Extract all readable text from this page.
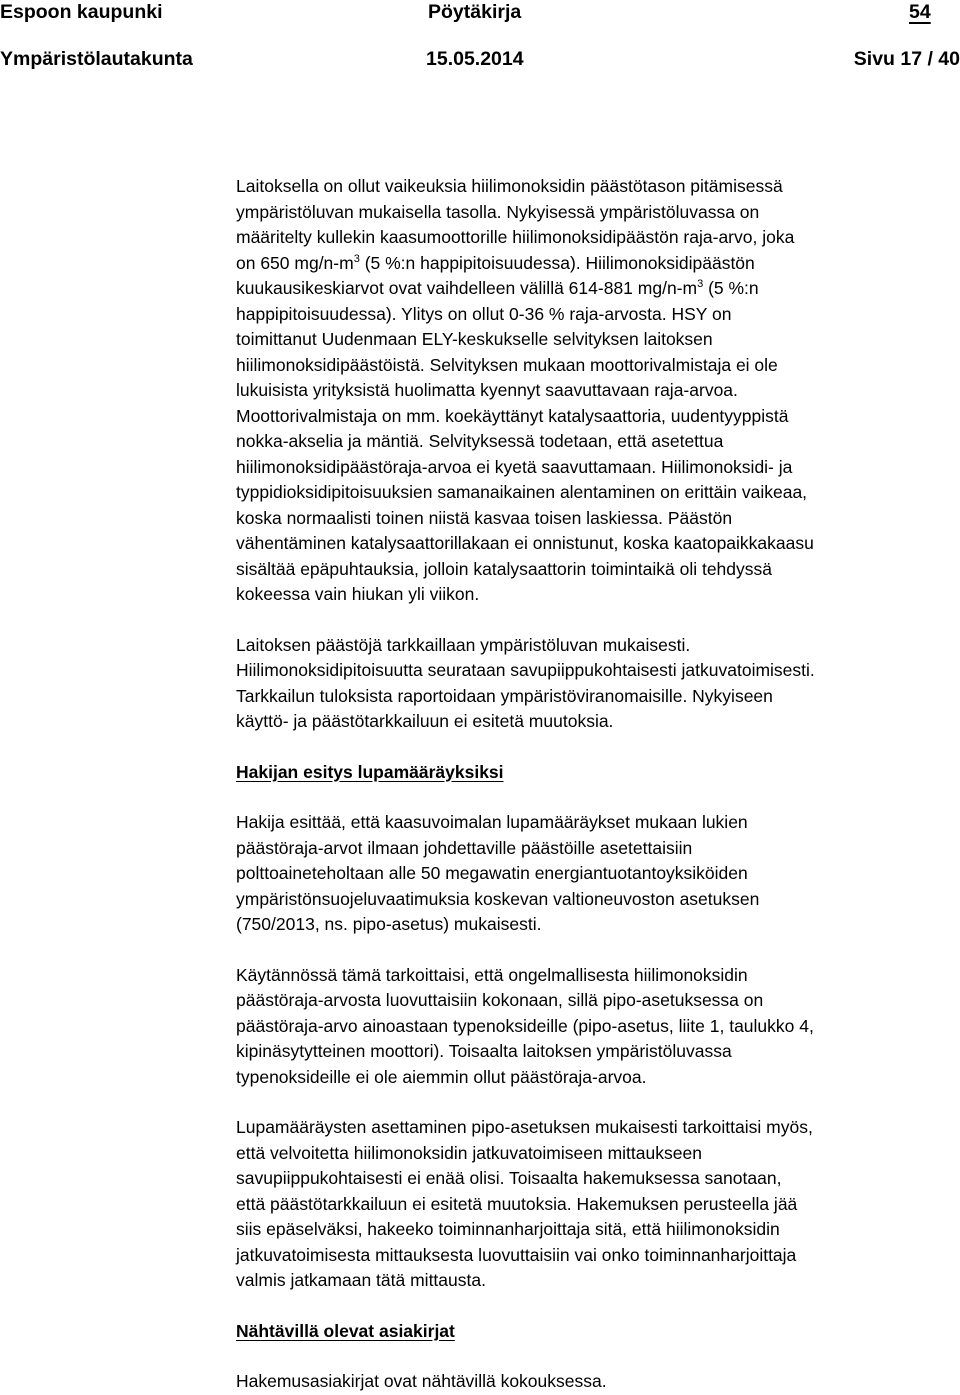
Espoon kaupunki	Pöytäkirja	54
Ympäristölautakunta	15.05.2014	Sivu 17 / 40
Laitoksella on ollut vaikeuksia hiilimonoksidin päästötason pitämisessä
ympäristöluvan mukaisella tasolla. Nykyisessä ympäristöluvassa on
määritelty kullekin kaasumoottorille hiilimonoksidipäästön raja-arvo, joka
on 650 $mg/n-m^3$ (5 %:n happipitoisuudessa). Hiilimonoksidipäästön
kuukausikeskiarvot ovat vaihdelleen välillä 614-881 $mg/n-m^3$ (5 %:n
happipitoisuudessa). Ylitys on ollut 0-36 % raja-arvosta. HSY on
toimittanut Uudenmaan ELY-keskukselle selvityksen laitoksen
hiilimonoksidipäästöistä. Selvityksen mukaan moottorivalmistaja ei ole
lukuisista yrityksistä huolimatta kyennyt saavuttavaan raja-arvoa.
Moottorivalmistaja on mm. koekäyttänyt katalysaattoria, uudentyyppistä
nokka-akselia ja mäntiä. Selvityksessä todetaan, että asetettua
hiilimonoksidipäästöraja-arvoa ei kyetä saavuttamaan. Hiilimonoksidi- ja
typpidioksidipitoisuuksien samanaikainen alentaminen on erittäin vaikeaa,
koska normaalisti toinen niistä kasvaa toisen laskiessa. Päästön
vähentäminen katalysaattorillakaan ei onnistunut, koska kaatopaikkakaasu
sisältää epäpuhtauksia, jolloin katalysaattorin toimintaikä oli tehdyssä
kokeessa vain hiukan yli viikon.
Laitoksen päästöjä tarkkaillaan ympäristöluvan mukaisesti.
Hiilimonoksidipitoisuutta seurataan savupiippukohtaisesti jatkuvatoimisesti.
Tarkkailun tuloksista raportoidaan ympäristöviranomaisille. Nykyiseen
käyttö- ja päästötarkkailuun ei esitetä muutoksia.
Hakijan esitys lupamääräyksiksi
Hakija esittää, että kaasuvoimalan lupamääräykset mukaan lukien
päästöraja-arvot ilmaan johdettaville päästöille asetettaisiin
polttoaineteholtaan alle 50 megawatin energiantuotantoyksiköiden
ympäristönsuojeluvaatimuksia koskevan valtioneuvoston asetuksen
(750/2013, ns. pipo-asetus) mukaisesti.
Käytännössä tämä tarkoittaisi, että ongelmallisesta hiilimonoksidin
päästöraja-arvosta luovuttaisiin kokonaan, sillä pipo-asetuksessa on
päästöraja-arvo ainoastaan typenoksideille (pipo-asetus, liite 1, taulukko 4,
kipinäsytytteinen moottori). Toisaalta laitoksen ympäristöluvassa
typenoksideille ei ole aiemmin ollut päästöraja-arvoa.
Lupamääräysten asettaminen pipo-asetuksen mukaisesti tarkoittaisi myös,
että velvoitetta hiilimonoksidin jatkuvatoimiseen mittaukseen
savupiippukohtaisesti ei enää olisi. Toisaalta hakemuksessa sanotaan,
että päästötarkkailuun ei esitetä muutoksia. Hakemuksen perusteella jää
siis epäselväksi, hakeeko toiminnanharjoittaja sitä, että hiilimonoksidin
jatkuvatoimisesta mittauksesta luovuttaisiin vai onko toiminnanharjoittaja
valmis jatkamaan tätä mittausta.
Nähtävillä olevat asiakirjat
Hakemusasiakirjat ovat nähtävillä kokouksessa.
